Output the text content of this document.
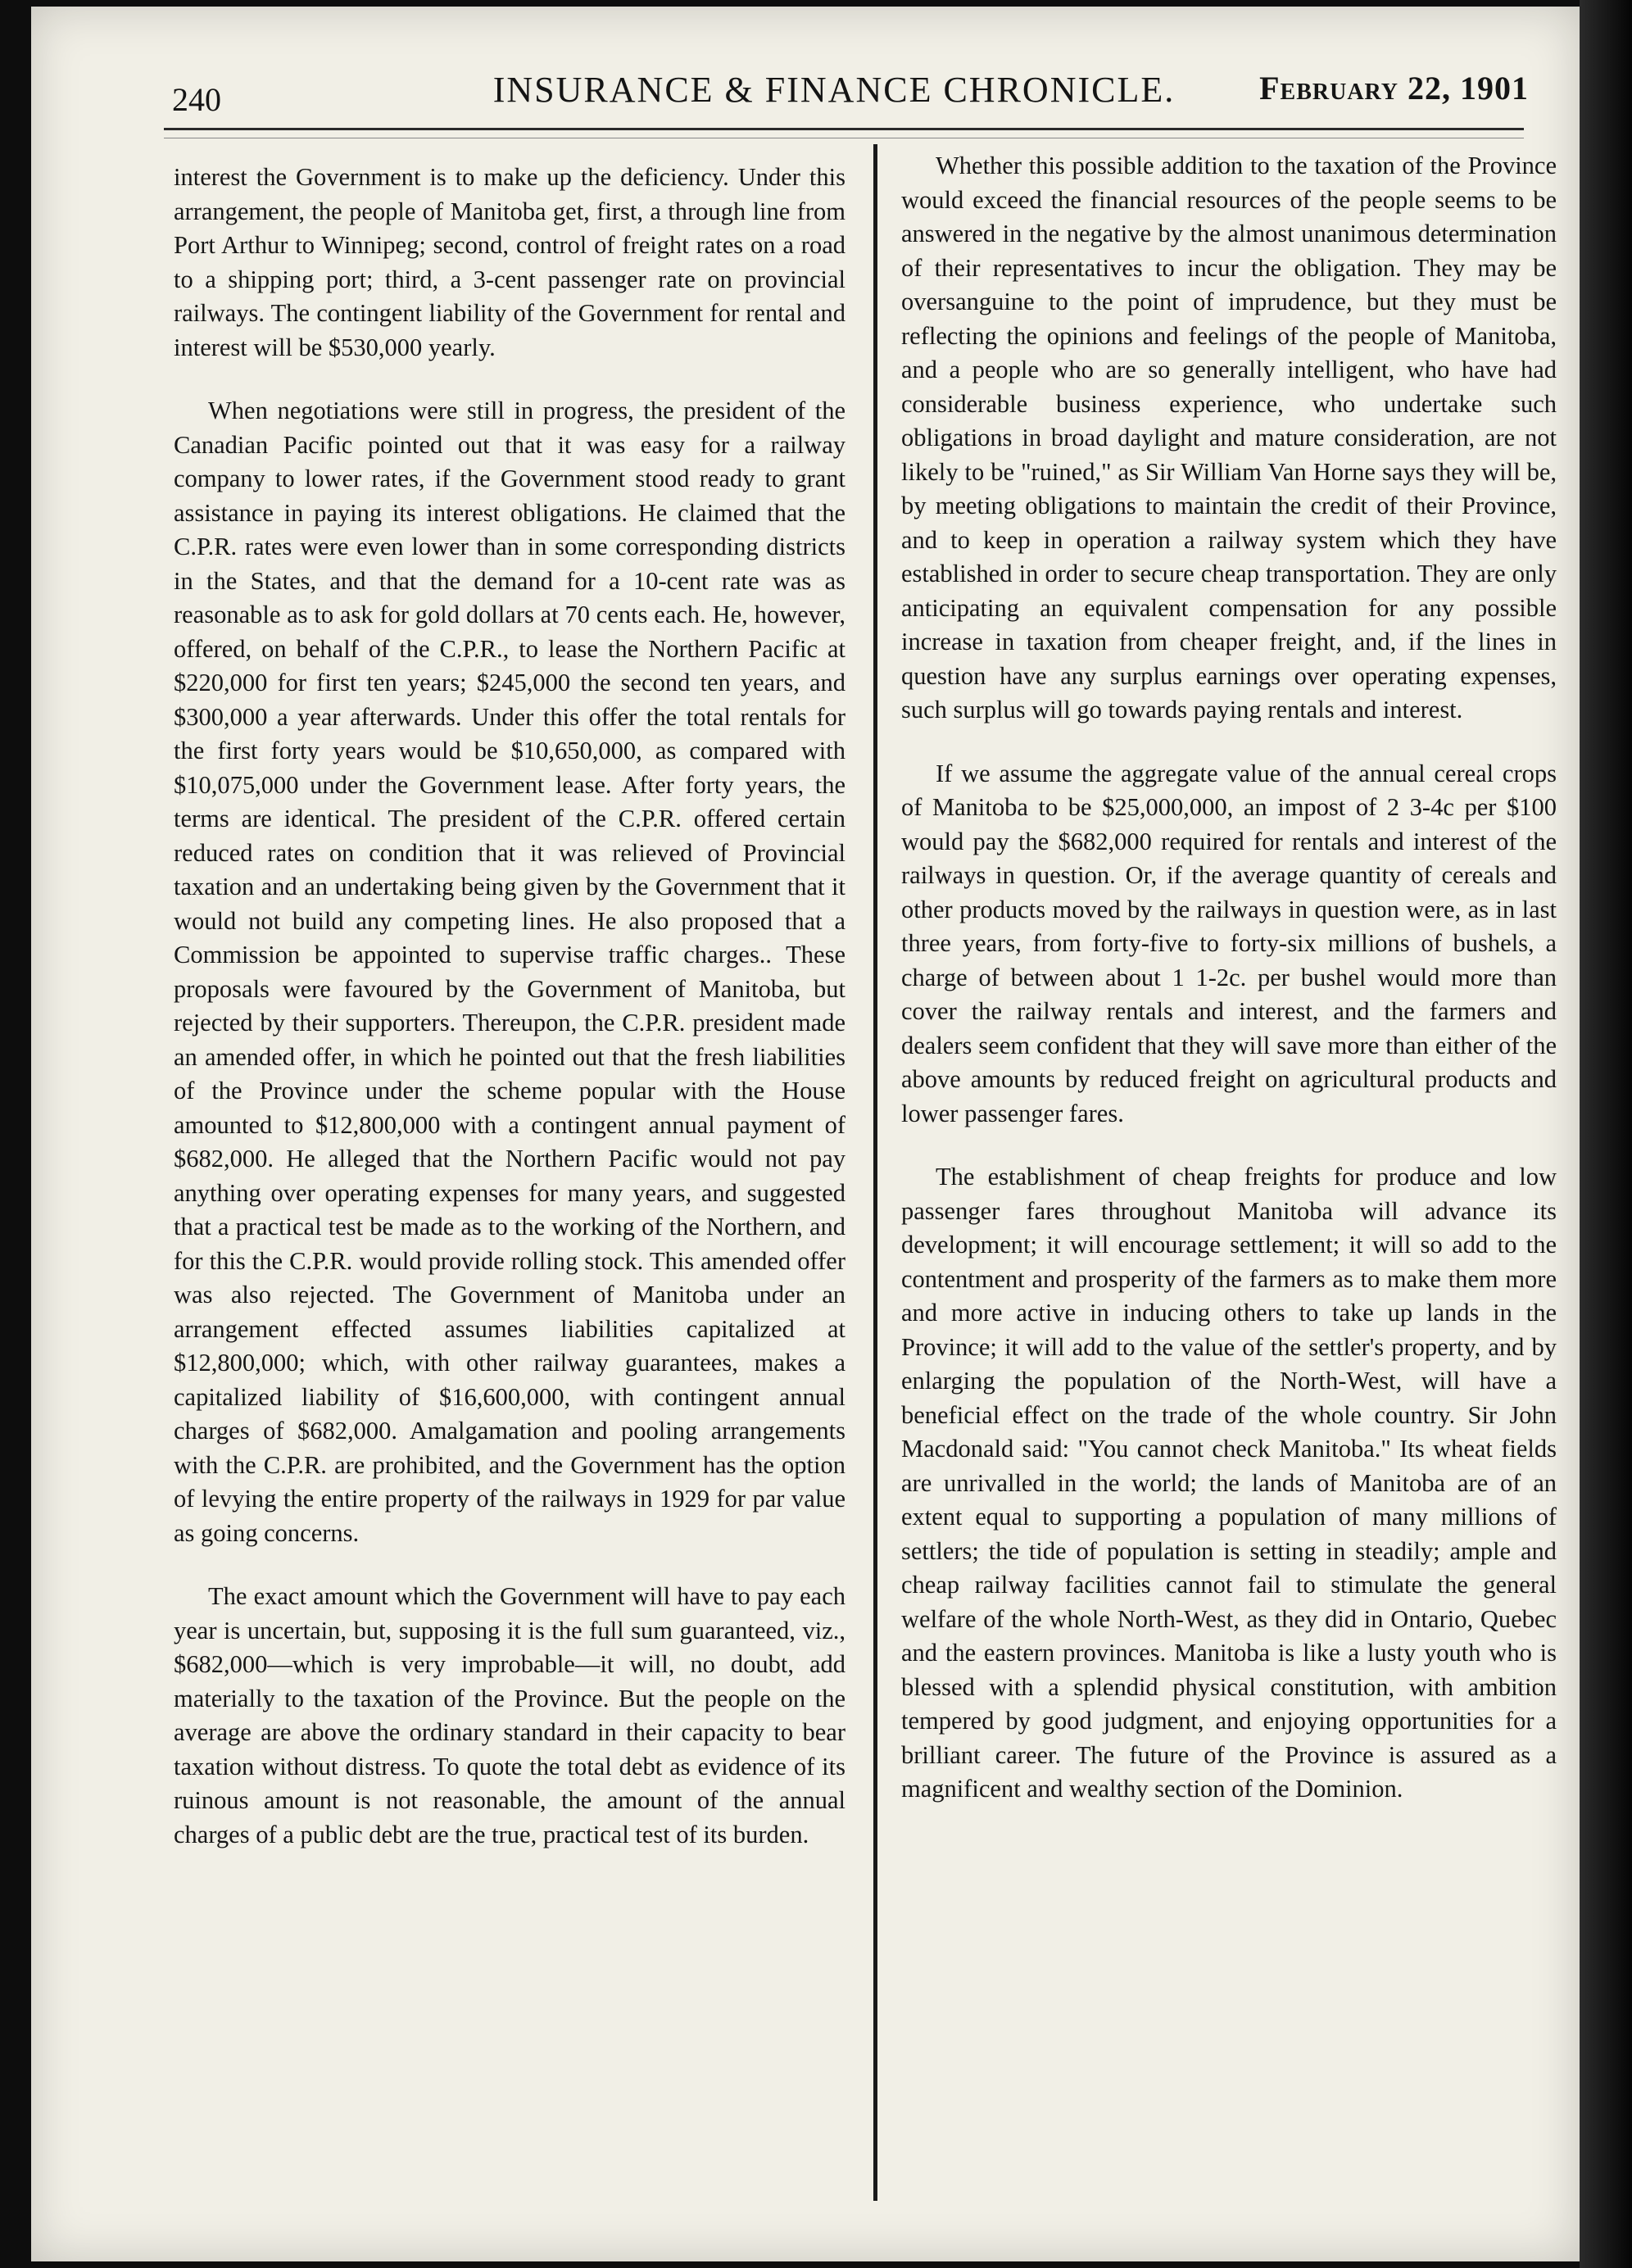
240	INSURANCE & FINANCE CHRONICLE.	February 22, 1901

interest the Government is to make up the deficiency. Under this arrangement, the people of Manitoba get, first, a through line from Port Arthur to Winnipeg; second, control of freight rates on a road to a shipping port; third, a 3-cent passenger rate on provincial railways. The contingent liability of the Government for rental and interest will be $530,000 yearly.

When negotiations were still in progress, the president of the Canadian Pacific pointed out that it was easy for a railway company to lower rates, if the Government stood ready to grant assistance in paying its interest obligations. He claimed that the C.P.R. rates were even lower than in some corresponding districts in the States, and that the demand for a 10-cent rate was as reasonable as to ask for gold dollars at 70 cents each. He, however, offered, on behalf of the C.P.R., to lease the Northern Pacific at $220,000 for first ten years; $245,000 the second ten years, and $300,000 a year afterwards. Under this offer the total rentals for the first forty years would be $10,650,000, as compared with $10,075,000 under the Government lease. After forty years, the terms are identical. The president of the C.P.R. offered certain reduced rates on condition that it was relieved of Provincial taxation and an undertaking being given by the Government that it would not build any competing lines. He also proposed that a Commission be appointed to supervise traffic charges.. These proposals were favoured by the Government of Manitoba, but rejected by their supporters. Thereupon, the C.P.R. president made an amended offer, in which he pointed out that the fresh liabilities of the Province under the scheme popular with the House amounted to $12,800,000 with a contingent annual payment of $682,000. He alleged that the Northern Pacific would not pay anything over operating expenses for many years, and suggested that a practical test be made as to the working of the Northern, and for this the C.P.R. would provide rolling stock. This amended offer was also rejected. The Government of Manitoba under an arrangement effected assumes liabilities capitalized at $12,800,000; which, with other railway guarantees, makes a capitalized liability of $16,600,000, with contingent annual charges of $682,000. Amalgamation and pooling arrangements with the C.P.R. are prohibited, and the Government has the option of levying the entire property of the railways in 1929 for par value as going concerns.

The exact amount which the Government will have to pay each year is uncertain, but, supposing it is the full sum guaranteed, viz., $682,000—which is very improbable—it will, no doubt, add materially to the taxation of the Province. But the people on the average are above the ordinary standard in their capacity to bear taxation without distress. To quote the total debt as evidence of its ruinous amount is not reasonable, the amount of the annual charges of a public debt are the true, practical test of its burden.

Whether this possible addition to the taxation of the Province would exceed the financial resources of the people seems to be answered in the negative by the almost unanimous determination of their representatives to incur the obligation. They may be oversanguine to the point of imprudence, but they must be reflecting the opinions and feelings of the people of Manitoba, and a people who are so generally intelligent, who have had considerable business experience, who undertake such obligations in broad daylight and mature consideration, are not likely to be "ruined," as Sir William Van Horne says they will be, by meeting obligations to maintain the credit of their Province, and to keep in operation a railway system which they have established in order to secure cheap transportation. They are only anticipating an equivalent compensation for any possible increase in taxation from cheaper freight, and, if the lines in question have any surplus earnings over operating expenses, such surplus will go towards paying rentals and interest.

If we assume the aggregate value of the annual cereal crops of Manitoba to be $25,000,000, an impost of 2 3-4c per $100 would pay the $682,000 required for rentals and interest of the railways in question. Or, if the average quantity of cereals and other products moved by the railways in question were, as in last three years, from forty-five to forty-six millions of bushels, a charge of between about 1 1-2c. per bushel would more than cover the railway rentals and interest, and the farmers and dealers seem confident that they will save more than either of the above amounts by reduced freight on agricultural products and lower passenger fares.

The establishment of cheap freights for produce and low passenger fares throughout Manitoba will advance its development; it will encourage settlement; it will so add to the contentment and prosperity of the farmers as to make them more and more active in inducing others to take up lands in the Province; it will add to the value of the settler's property, and by enlarging the population of the North-West, will have a beneficial effect on the trade of the whole country. Sir John Macdonald said: "You cannot check Manitoba." Its wheat fields are unrivalled in the world; the lands of Manitoba are of an extent equal to supporting a population of many millions of settlers; the tide of population is setting in steadily; ample and cheap railway facilities cannot fail to stimulate the general welfare of the whole North-West, as they did in Ontario, Quebec and the eastern provinces. Manitoba is like a lusty youth who is blessed with a splendid physical constitution, with ambition tempered by good judgment, and enjoying opportunities for a brilliant career. The future of the Province is assured as a magnificent and wealthy section of the Dominion.
